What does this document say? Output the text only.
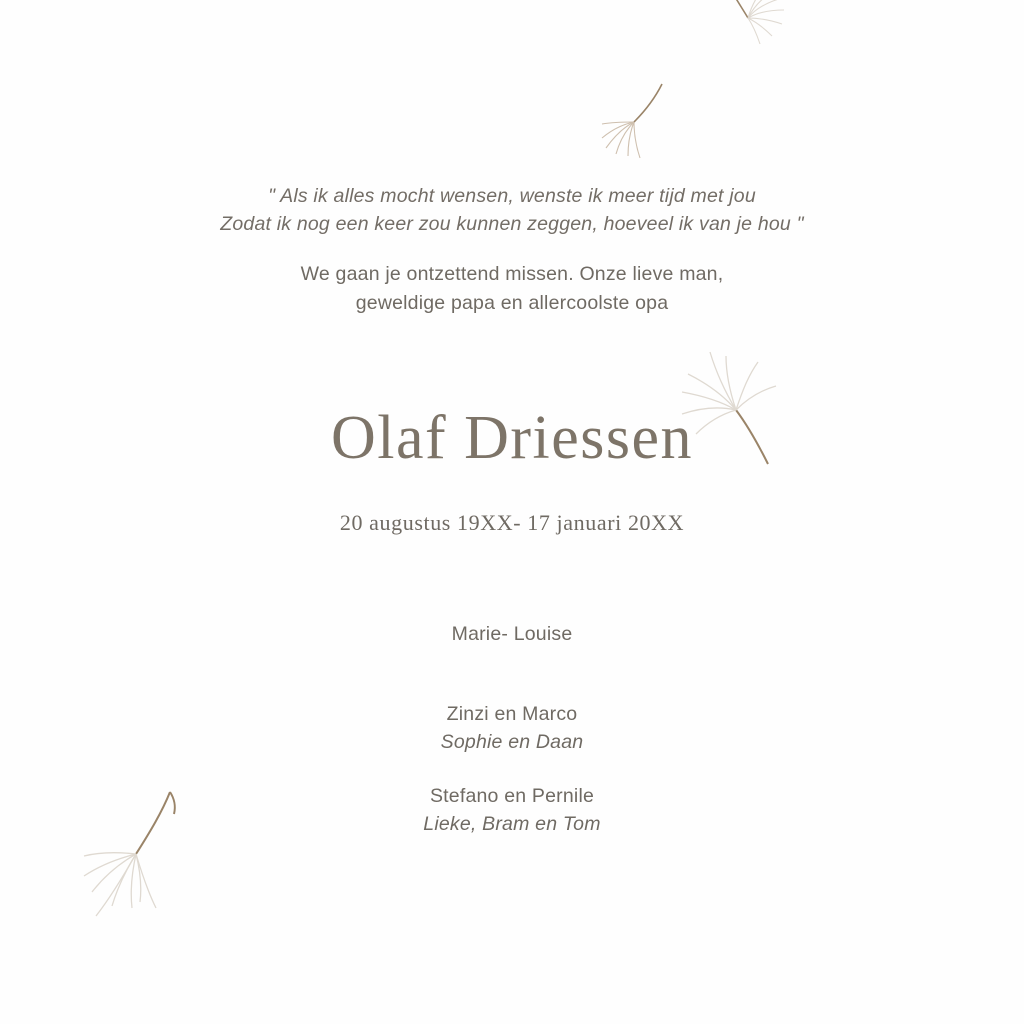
" Als ik alles mocht wensen, wenste ik meer tijd met jou
Zodat ik nog een keer zou kunnen zeggen, hoeveel ik van je hou "
We gaan je ontzettend missen. Onze lieve man,
geweldige papa en allercoolste opa
Olaf Driessen
20 augustus 19XX- 17 januari 20XX
Marie- Louise
Zinzi en Marco
Sophie en Daan
Stefano en Pernile
Lieke, Bram en Tom
